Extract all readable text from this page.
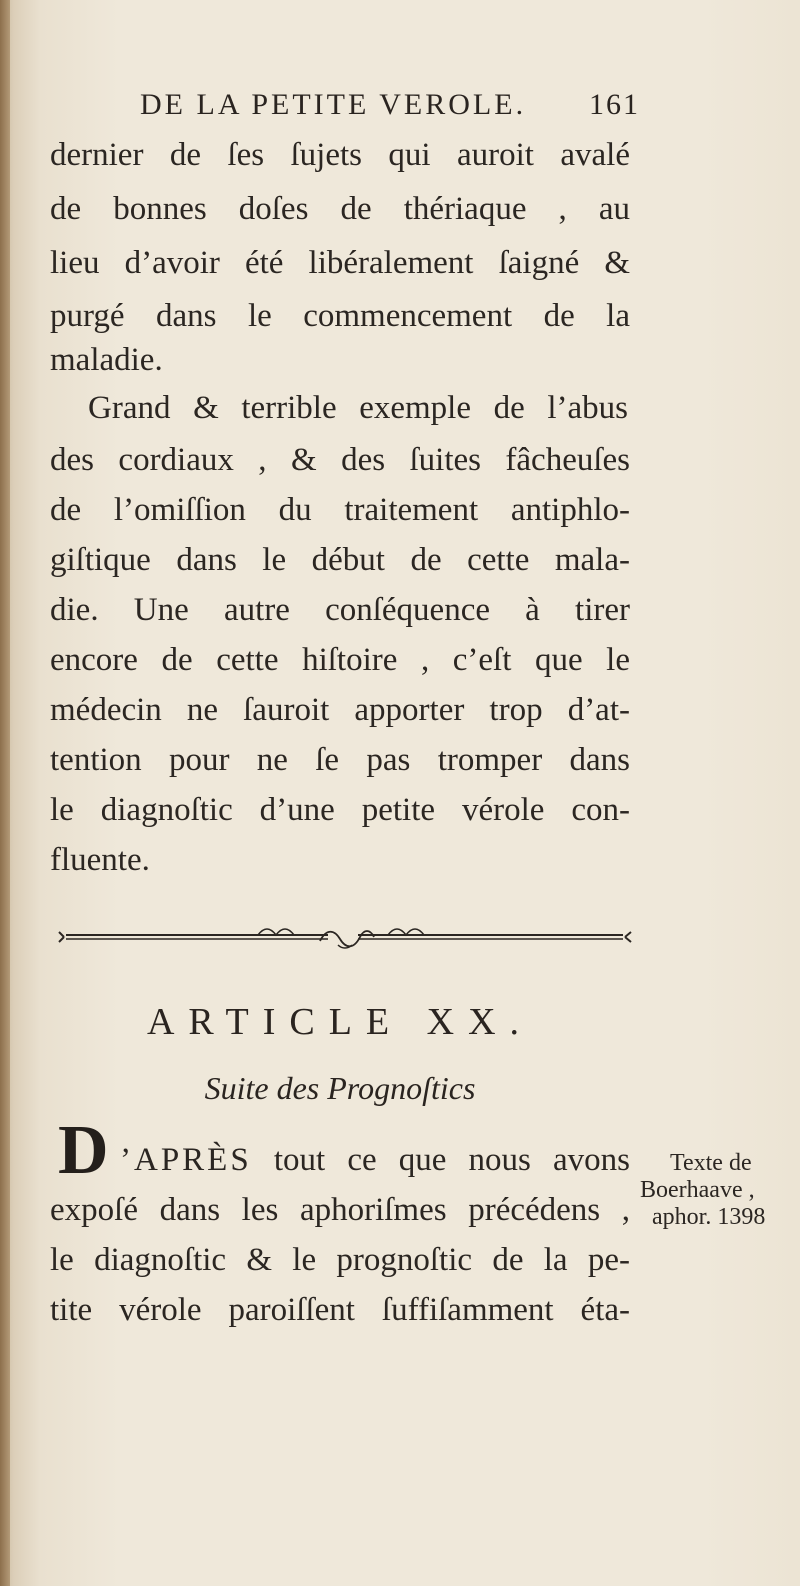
DE LA PETITE VEROLE. 161
dernier de ſes ſujets qui auroit avalé
de bonnes doſes de thériaque , au
lieu d’avoir été libéralement ſaigné &
purgé dans le commencement de la
maladie.
Grand & terrible exemple de l’abus
des cordiaux , & des ſuites fâcheuſes
de l’omiſſion du traitement antiphlo-
giſtique dans le début de cette mala-
die. Une autre conſéquence à tirer
encore de cette hiſtoire , c’eſt que le
médecin ne ſauroit apporter trop d’at-
tention pour ne ſe pas tromper dans
le diagnoſtic d’une petite vérole con-
fluente.
ARTICLE XX.
Suite des Prognoſtics
D ’APRÈS tout ce que nous avons
expoſé dans les aphoriſmes précédens ,
le diagnoſtic & le prognoſtic de la pe-
tite vérole paroiſſent ſuffiſamment éta-
Texte de
Boerhaave ,
aphor. 1398
